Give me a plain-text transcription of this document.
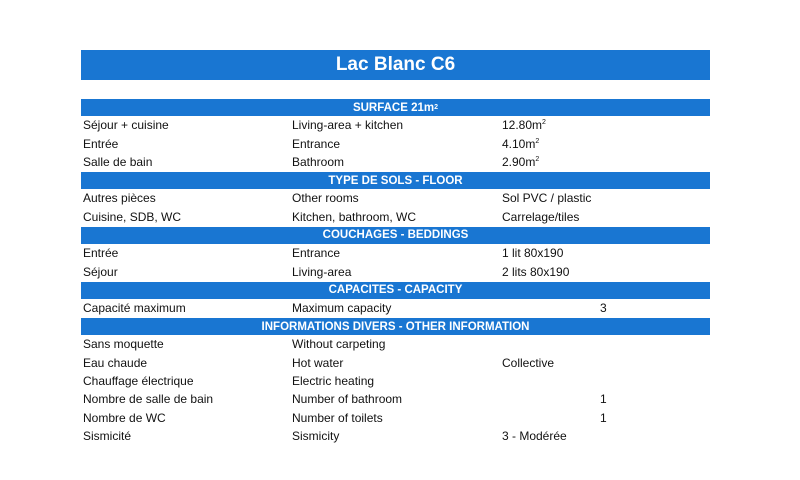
Lac Blanc C6
SURFACE 21m 2
Séjour + cuisine	Living-area + kitchen	$12.80m^2$
Entrée	Entrance	$4.10m^2$
Salle de bain	Bathroom	$2.90m^2$
TYPE DE SOLS - FLOOR
Autres pièces	Other rooms	Sol PVC / plastic
Cuisine, SDB, WC	Kitchen, bathroom, WC	Carrelage/tiles
COUCHAGES - BEDDINGS
Entrée	Entrance	1 lit 80x190
Séjour	Living-area	2 lits 80x190
CAPACITES - CAPACITY
Capacité maximum	Maximum capacity	3
INFORMATIONS DIVERS - OTHER INFORMATION
Sans moquette	Without carpeting
Eau chaude	Hot water	Collective
Chauffage électrique	Electric heating
Nombre de salle de bain	Number of bathroom	1
Nombre de WC	Number of toilets	1
Sismicité	Sismicity	3 - Modérée
